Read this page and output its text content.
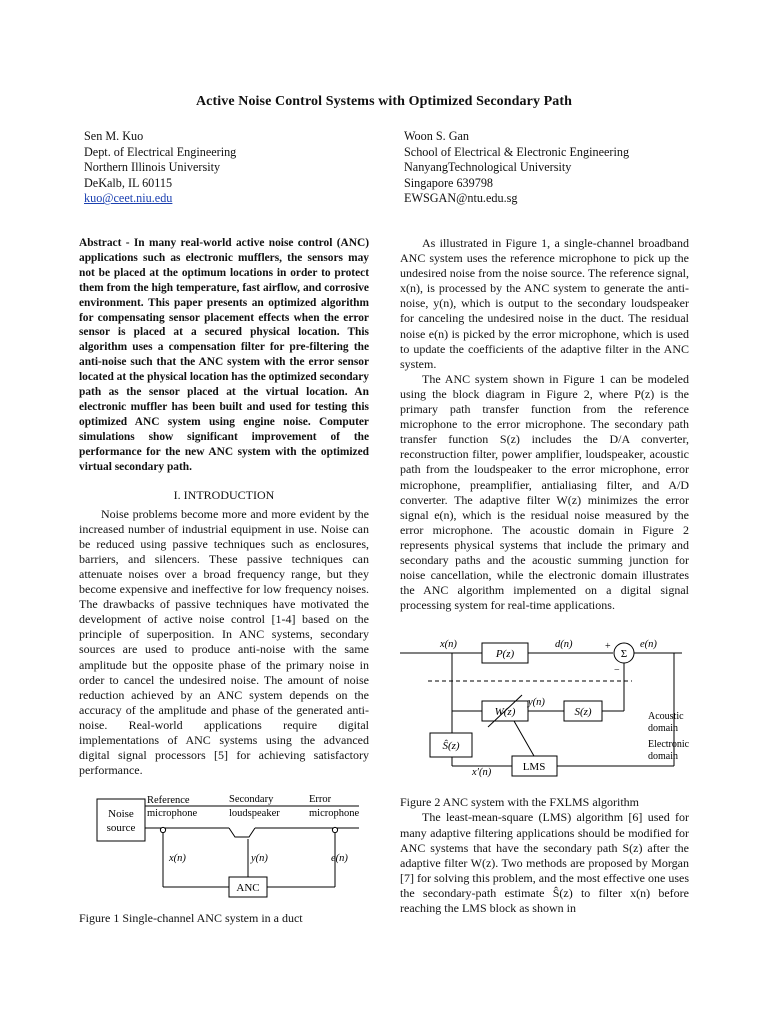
Active Noise Control Systems with Optimized Secondary Path
Sen M. Kuo
Dept. of Electrical Engineering
Northern Illinois University
DeKalb, IL 60115
kuo@ceet.niu.edu
Woon S. Gan
School of Electrical & Electronic Engineering
NanyangTechnological University
Singapore 639798
EWSGAN@ntu.edu.sg

Abstract - In many real-world active noise control (ANC) applications such as electronic mufflers, the sensors may not be placed at the optimum locations in order to protect them from the high temperature, fast airflow, and corrosive environment. This paper presents an optimized algorithm for compensating sensor placement effects when the error sensor is placed at a secured physical location. This algorithm uses a compensation filter for pre-filtering the anti-noise such that the ANC system with the error sensor located at the physical location has the optimized secondary path as the sensor placed at the virtual location. An electronic muffler has been built and used for testing this optimized ANC system using engine noise. Computer simulations show significant improvement of the performance for the new ANC system with the optimized virtual secondary path.

I. INTRODUCTION

Noise problems become more and more evident by the increased number of industrial equipment in use. Noise can be reduced using passive techniques such as enclosures, barriers, and silencers. These passive techniques can attenuate noises over a broad frequency range, but they become expensive and ineffective for low frequency noises. The drawbacks of passive techniques have motivated the development of active noise control [1-4] based on the principle of superposition. In ANC systems, secondary sources are used to produce anti-noise with the same amplitude but the opposite phase of the primary noise in order to cancel the undesired noise. The amount of noise reduction achieved by an ANC system depends on the accuracy of the amplitude and phase of the generated anti-noise. Real-world applications require digital implementations of ANC systems using the advanced digital signal processors [5] for achieving satisfactory performance.

Noise
source
Reference
microphone
Secondary
loudspeaker
Error
microphone
x(n)
ANC
y(n)	e(n)
Figure 1 Single-channel ANC system in a duct

As illustrated in Figure 1, a single-channel broadband ANC system uses the reference microphone to pick up the undesired noise from the noise source. The reference signal, x(n), is processed by the ANC system to generate the anti-noise, y(n), which is output to the secondary loudspeaker for canceling the undesired noise in the duct. The residual noise e(n) is picked by the error microphone, which is used to update the coefficients of the adaptive filter in the ANC system.

The ANC system shown in Figure 1 can be modeled using the block diagram in Figure 2, where P(z) is the primary path transfer function from the reference microphone to the error microphone. The secondary path transfer function S(z) includes the D/A converter, reconstruction filter, power amplifier, loudspeaker, acoustic path from the loudspeaker to the error microphone, error microphone, preamplifier, antialiasing filter, and A/D converter. The adaptive filter W(z) minimizes the error signal e(n), which is the residual noise measured by the error microphone. The acoustic domain in Figure 2 represents physical systems that include the primary and secondary paths and the acoustic summing junction for noise cancellation, while the electronic domain illustrates the ANC algorithm implemented on a digital signal processing system for real-time applications.

x(n)
P(z)
d(n)	+
Σ
−
e(n)
W(z)
y(n)
S(z)
Ŝ(z)
x′(n)	LMS
Acoustic
domain
Electronic
domain
Figure 2 ANC system with the FXLMS algorithm

The least-mean-square (LMS) algorithm [6] used for many adaptive filtering applications should be modified for ANC systems that have the secondary path S(z) after the adaptive filter W(z). Two methods are proposed by Morgan [7] for solving this problem, and the most effective one uses the secondary-path estimate Ŝ(z) to filter x(n) before reaching the LMS block as shown in
